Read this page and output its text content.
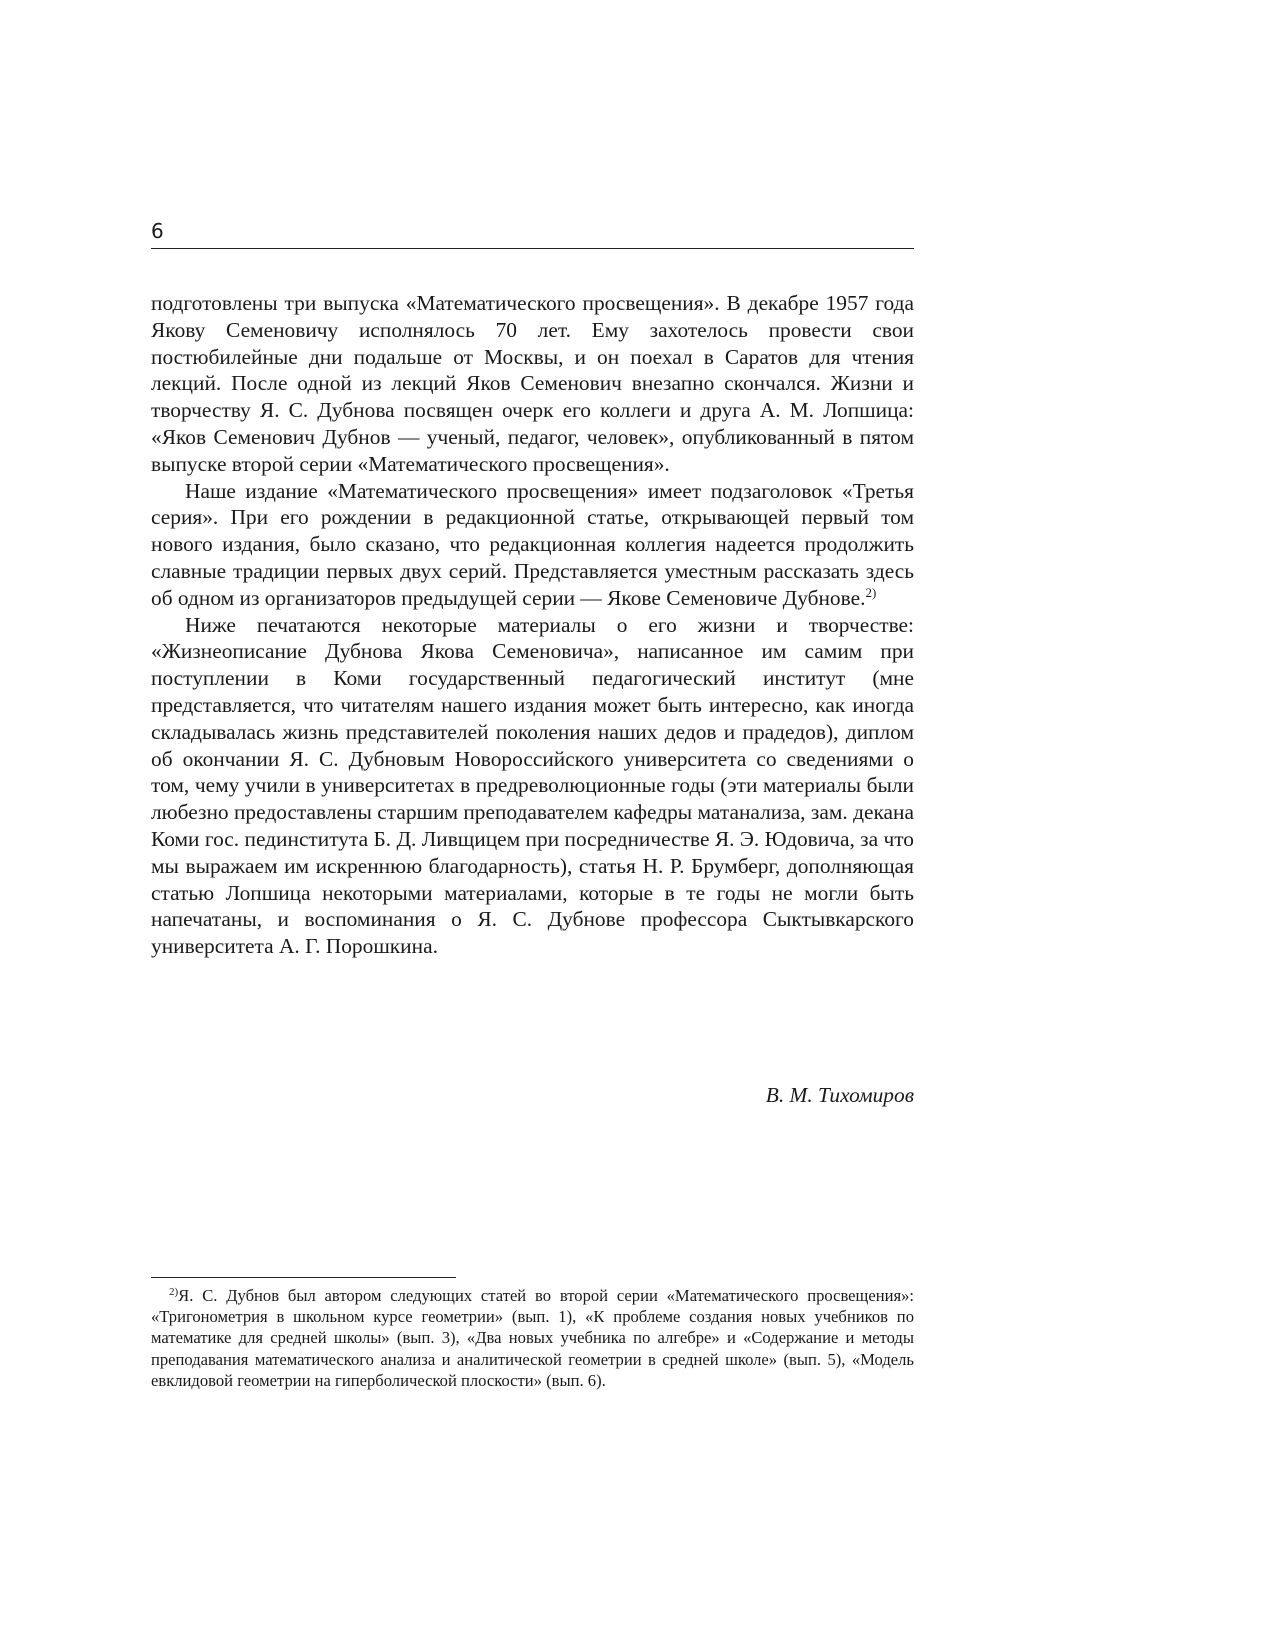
6

подготовлены три выпуска «Математического просвещения». В декабре 1957 года Якову Семеновичу исполнялось 70 лет. Ему захотелось провести свои постюбилейные дни подальше от Москвы, и он поехал в Саратов для чтения лекций. После одной из лекций Яков Семенович внезапно скончался. Жизни и творчеству Я. С. Дубнова посвящен очерк его коллеги и друга А. М. Лопшица: «Яков Семенович Дубнов — ученый, педагог, человек», опубликованный в пятом выпуске второй серии «Математического просвещения».

Наше издание «Математического просвещения» имеет подзаголовок «Третья серия». При его рождении в редакционной статье, открывающей первый том нового издания, было сказано, что редакционная коллегия надеется продолжить славные традиции первых двух серий. Представляется уместным рассказать здесь об одном из организаторов предыдущей серии — Якове Семеновиче Дубнове.$^{2)}$

Ниже печатаются некоторые материалы о его жизни и творчестве: «Жизнеописание Дубнова Якова Семеновича», написанное им самим при поступлении в Коми государственный педагогический институт (мне представляется, что читателям нашего издания может быть интересно, как иногда складывалась жизнь представителей поколения наших дедов и прадедов), диплом об окончании Я. С. Дубновым Новороссийского университета со сведениями о том, чему учили в университетах в предреволюционные годы (эти материалы были любезно предоставлены старшим преподавателем кафедры матанализа, зам. декана Коми гос. пединститута Б. Д. Ливщицем при посредничестве Я. Э. Юдовича, за что мы выражаем им искреннюю благодарность), статья Н. Р. Брумберг, дополняющая статью Лопшица некоторыми материалами, которые в те годы не могли быть напечатаны, и воспоминания о Я. С. Дубнове профессора Сыктывкарского университета А. Г. Порошкина.

В. М. Тихомиров

$^{2)}$Я. С. Дубнов был автором следующих статей во второй серии «Математического просвещения»: «Тригонометрия в школьном курсе геометрии» (вып. 1), «К проблеме создания новых учебников по математике для средней школы» (вып. 3), «Два новых учебника по алгебре» и «Содержание и методы преподавания математического анализа и аналитической геометрии в средней школе» (вып. 5), «Модель евклидовой геометрии на гиперболической плоскости» (вып. 6).
